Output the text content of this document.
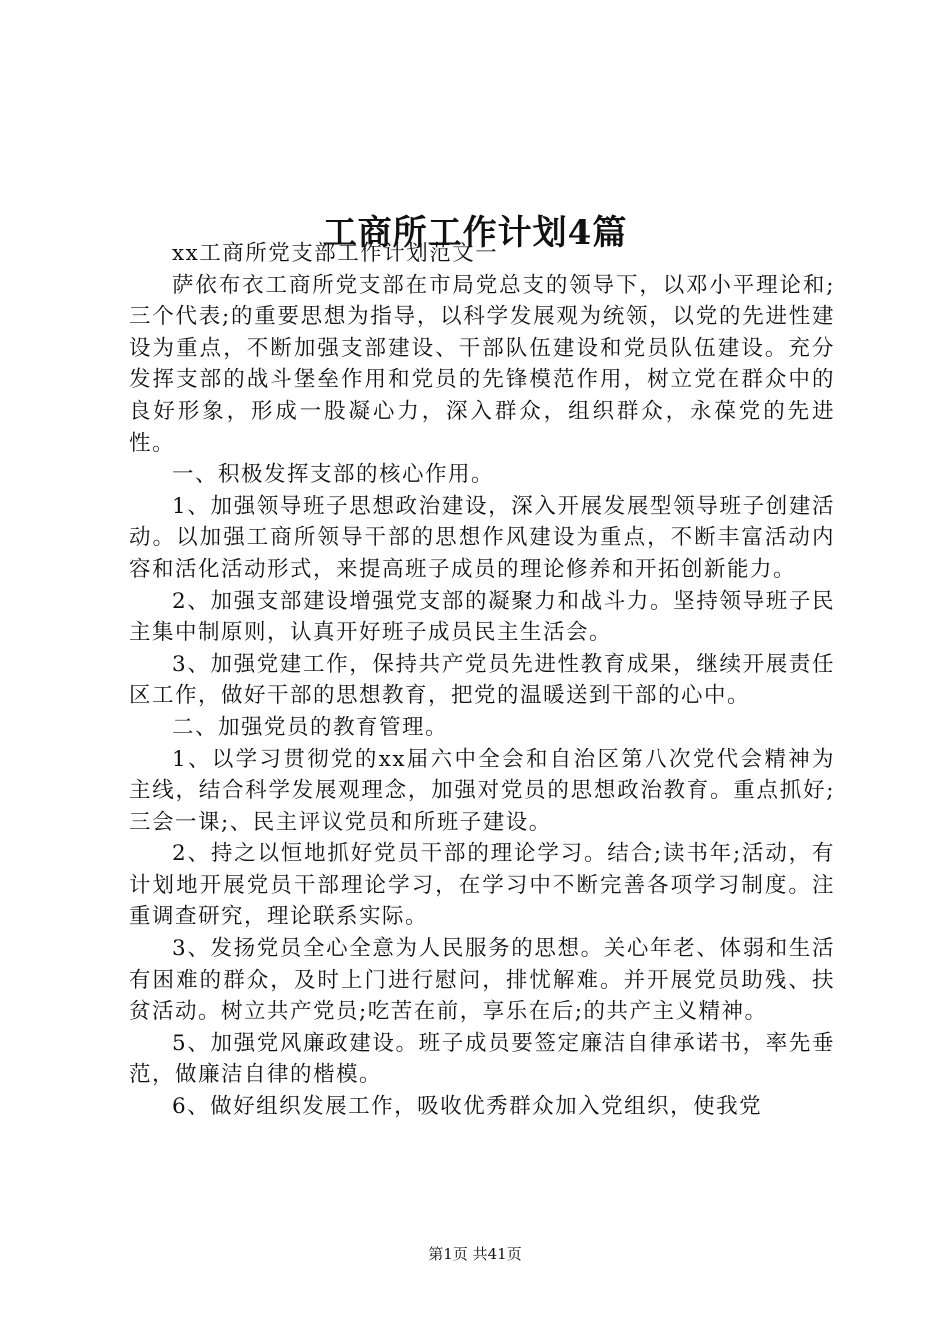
工商所工作计划4篇

xx工商所党支部工作计划范文一

萨依布衣工商所党支部在市局党总支的领导下，以邓小平理论和;三个代表;的重要思想为指导，以科学发展观为统领，以党的先进性建设为重点，不断加强支部建设、干部队伍建设和党员队伍建设。充分发挥支部的战斗堡垒作用和党员的先锋模范作用，树立党在群众中的良好形象，形成一股凝心力，深入群众，组织群众，永葆党的先进性。

一、积极发挥支部的核心作用。

1、加强领导班子思想政治建设，深入开展发展型领导班子创建活动。以加强工商所领导干部的思想作风建设为重点，不断丰富活动内容和活化活动形式，来提高班子成员的理论修养和开拓创新能力。

2、加强支部建设增强党支部的凝聚力和战斗力。坚持领导班子民主集中制原则，认真开好班子成员民主生活会。

3、加强党建工作，保持共产党员先进性教育成果，继续开展责任区工作，做好干部的思想教育，把党的温暖送到干部的心中。

二、加强党员的教育管理。

1、以学习贯彻党的xx届六中全会和自治区第八次党代会精神为主线，结合科学发展观理念，加强对党员的思想政治教育。重点抓好;三会一课;、民主评议党员和所班子建设。

2、持之以恒地抓好党员干部的理论学习。结合;读书年;活动，有计划地开展党员干部理论学习，在学习中不断完善各项学习制度。注重调查研究，理论联系实际。

3、发扬党员全心全意为人民服务的思想。关心年老、体弱和生活有困难的群众，及时上门进行慰问，排忧解难。并开展党员助残、扶贫活动。树立共产党员;吃苦在前，享乐在后;的共产主义精神。

5、加强党风廉政建设。班子成员要签定廉洁自律承诺书，率先垂范，做廉洁自律的楷模。

6、做好组织发展工作，吸收优秀群众加入党组织，使我党

第1页 共41页
